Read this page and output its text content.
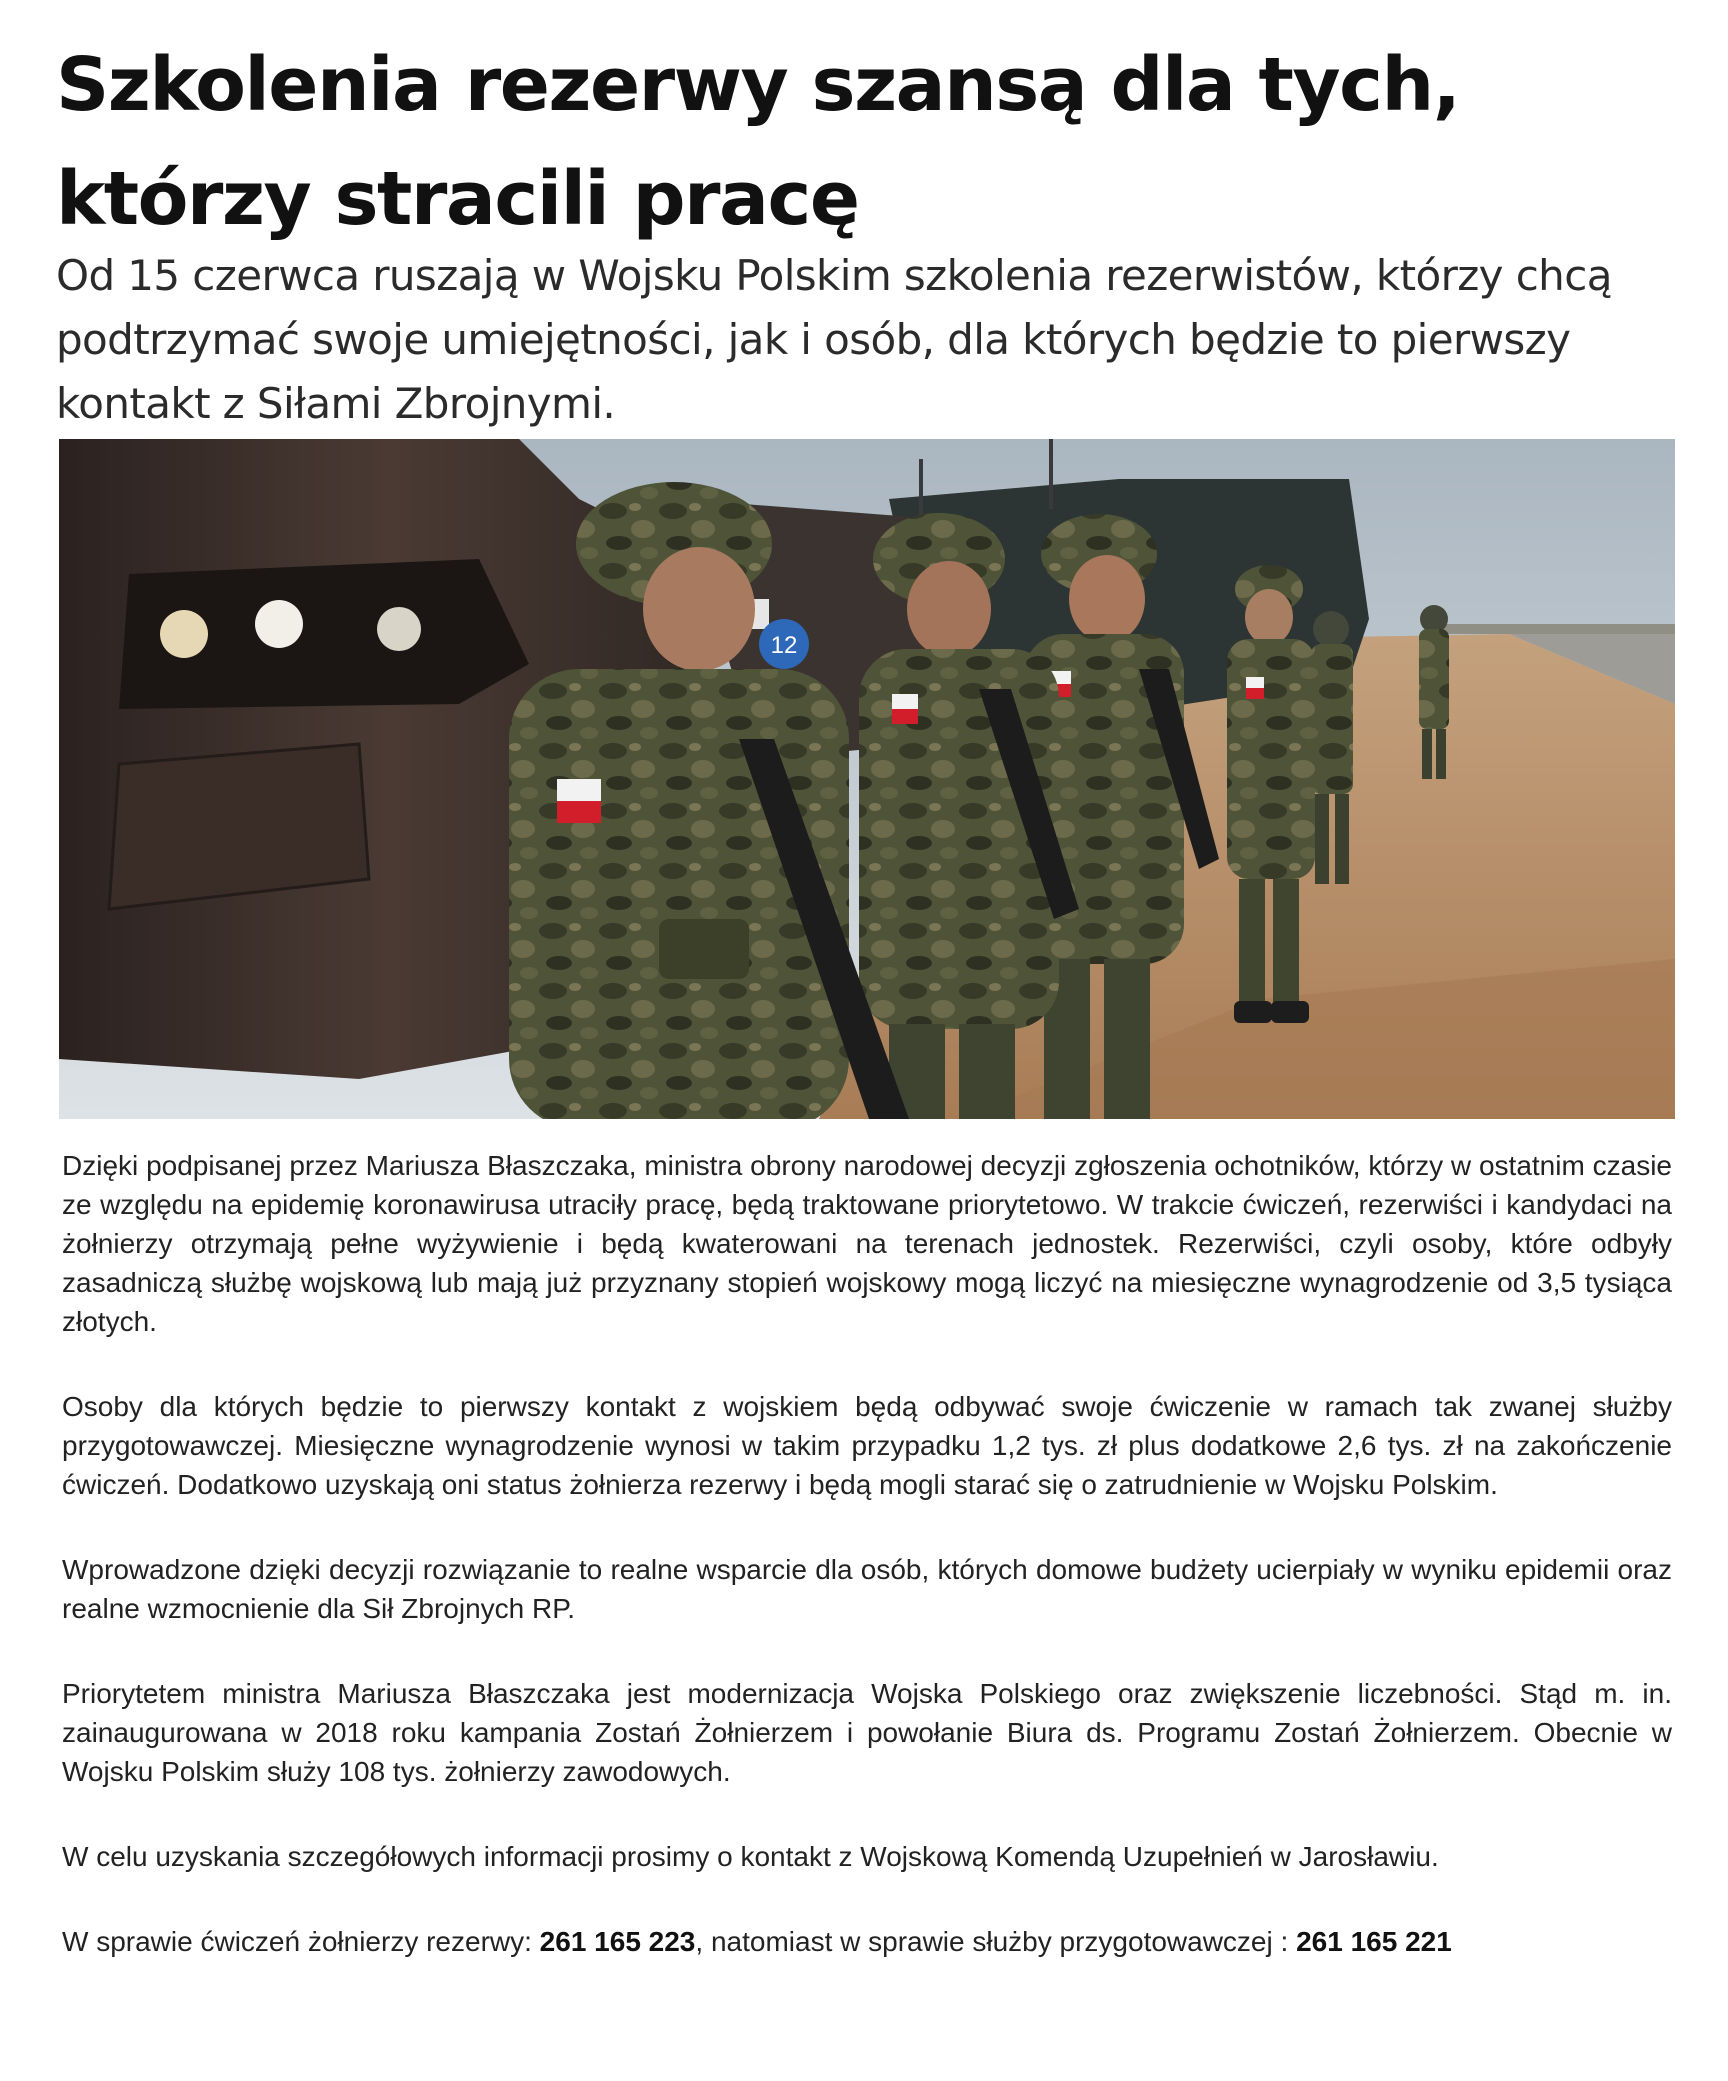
Szkolenia rezerwy szansą dla tych,
którzy stracili pracę

Od 15 czerwca ruszają w Wojsku Polskim szkolenia rezerwistów, którzy chcą podtrzymać swoje umiejętności, jak i osób, dla których będzie to pierwszy kontakt z Siłami Zbrojnymi.

12

Dzięki podpisanej przez Mariusza Błaszczaka, ministra obrony narodowej decyzji zgłoszenia ochotników, którzy w ostatnim czasie ze względu na epidemię koronawirusa utraciły pracę, będą traktowane priorytetowo. W trakcie ćwiczeń, rezerwiści i kandydaci na żołnierzy otrzymają pełne wyżywienie i będą kwaterowani na terenach jednostek. Rezerwiści, czyli osoby, które odbyły zasadniczą służbę wojskową lub mają już przyznany stopień wojskowy mogą liczyć na miesięczne wynagrodzenie od 3,5 tysiąca złotych.

Osoby dla których będzie to pierwszy kontakt z wojskiem będą odbywać swoje ćwiczenie w ramach tak zwanej służby przygotowawczej. Miesięczne wynagrodzenie wynosi w takim przypadku 1,2 tys. zł plus dodatkowe 2,6 tys. zł na zakończenie ćwiczeń. Dodatkowo uzyskają oni status żołnierza rezerwy i będą mogli starać się o zatrudnienie w Wojsku Polskim.

Wprowadzone dzięki decyzji rozwiązanie to realne wsparcie dla osób, których domowe budżety ucierpiały w wyniku epidemii oraz realne wzmocnienie dla Sił Zbrojnych RP.

Priorytetem ministra Mariusza Błaszczaka jest modernizacja Wojska Polskiego oraz zwiększenie liczebności. Stąd m. in. zainaugurowana w 2018 roku kampania Zostań Żołnierzem i powołanie Biura ds. Programu Zostań Żołnierzem. Obecnie w Wojsku Polskim służy 108 tys. żołnierzy zawodowych.

W celu uzyskania szczegółowych informacji prosimy o kontakt z Wojskową Komendą Uzupełnień w Jarosławiu.

W sprawie ćwiczeń żołnierzy rezerwy: 261 165 223, natomiast w sprawie służby przygotowawczej : 261 165 221
